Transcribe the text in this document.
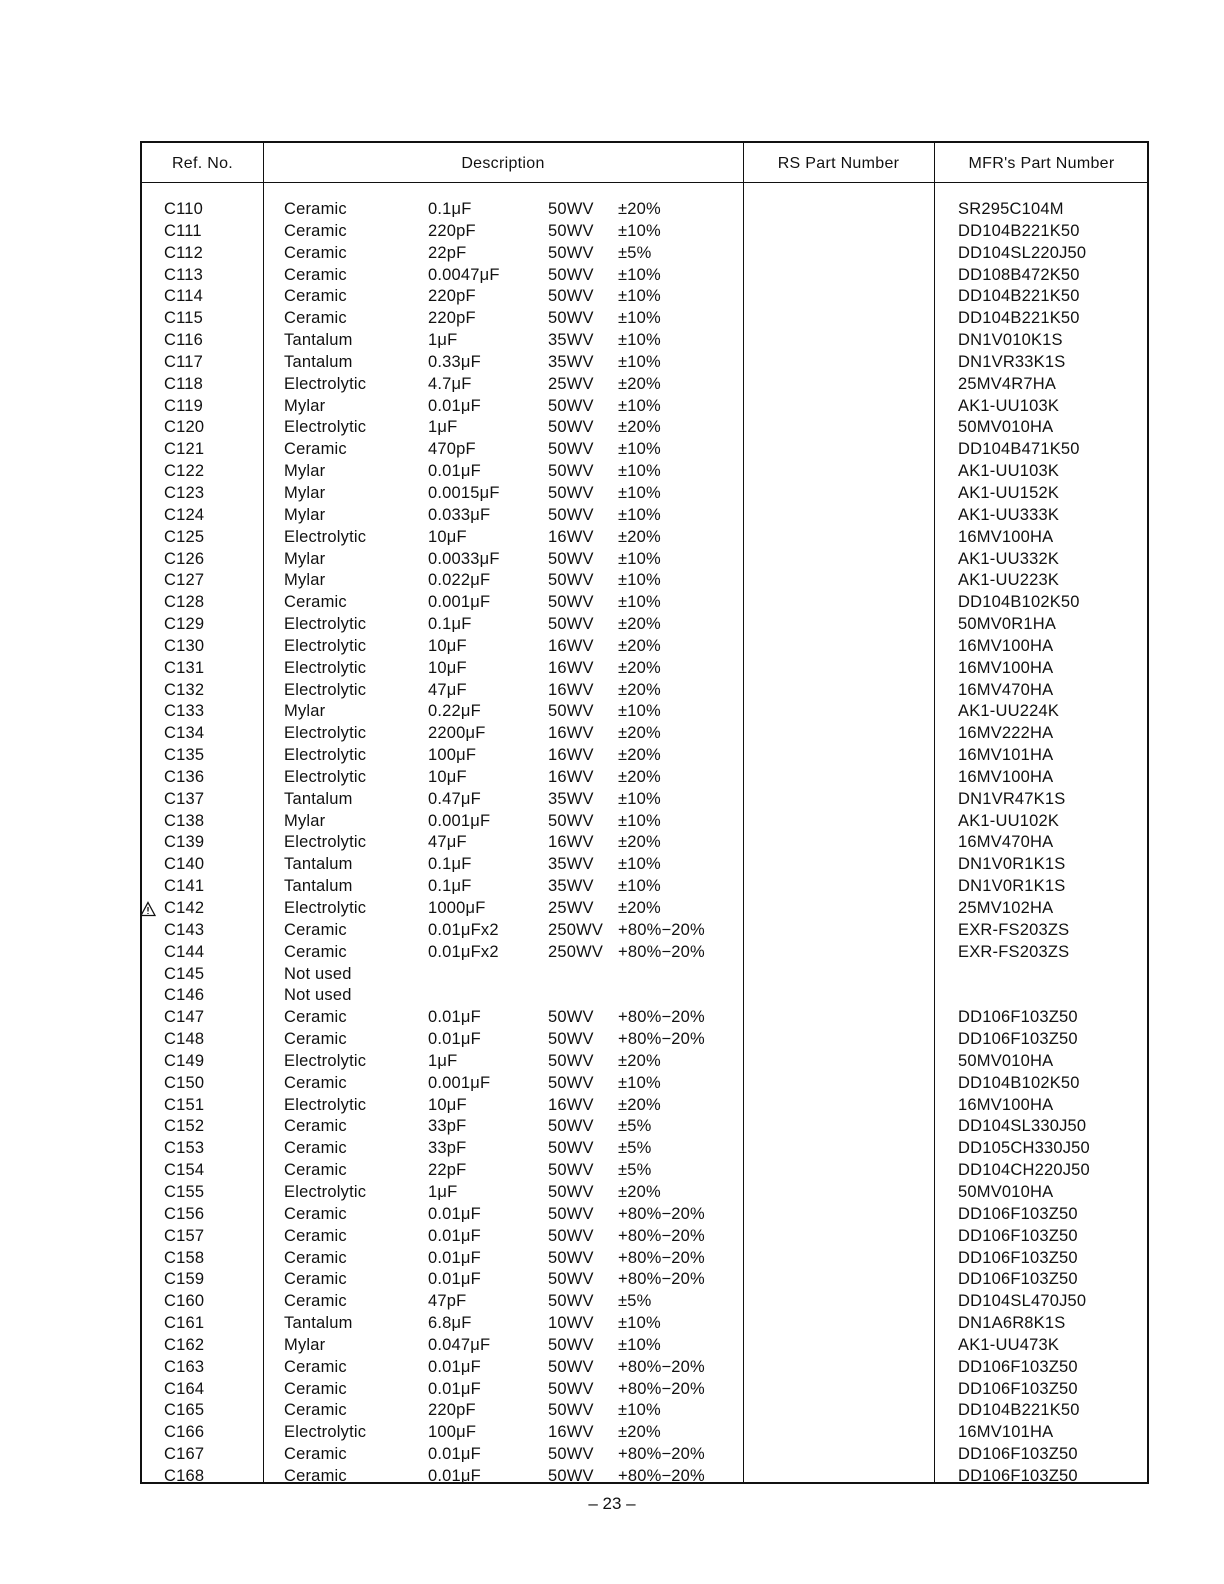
Ref. No.	Description	RS Part Number	MFR's Part Number
C110	Ceramic	0.1μF	50WV ±20%	SR295C104M
C111	Ceramic	220pF	50WV ±10%	DD104B221K50
C112	Ceramic	22pF	50WV ±5%	DD104SL220J50
C113	Ceramic	0.0047μF	50WV ±10%	DD108B472K50
C114	Ceramic	220pF	50WV ±10%	DD104B221K50
C115	Ceramic	220pF	50WV ±10%	DD104B221K50
C116	Tantalum	1μF	35WV ±10%	DN1V010K1S
C117	Tantalum	0.33μF	35WV ±10%	DN1VR33K1S
C118	Electrolytic	4.7μF	25WV ±20%	25MV4R7HA
C119	Mylar	0.01μF	50WV ±10%	AK1-UU103K
C120	Electrolytic	1μF	50WV ±20%	50MV010HA
C121	Ceramic	470pF	50WV ±10%	DD104B471K50
C122	Mylar	0.01μF	50WV ±10%	AK1-UU103K
C123	Mylar	0.0015μF	50WV ±10%	AK1-UU152K
C124	Mylar	0.033μF	50WV ±10%	AK1-UU333K
C125	Electrolytic	10μF	16WV ±20%	16MV100HA
C126	Mylar	0.0033μF	50WV ±10%	AK1-UU332K
C127	Mylar	0.022μF	50WV ±10%	AK1-UU223K
C128	Ceramic	0.001μF	50WV ±10%	DD104B102K50
C129	Electrolytic	0.1μF	50WV ±20%	50MV0R1HA
C130	Electrolytic	10μF	16WV ±20%	16MV100HA
C131	Electrolytic	10μF	16WV ±20%	16MV100HA
C132	Electrolytic	47μF	16WV ±20%	16MV470HA
C133	Mylar	0.22μF	50WV ±10%	AK1-UU224K
C134	Electrolytic	2200μF	16WV ±20%	16MV222HA
C135	Electrolytic	100μF	16WV ±20%	16MV101HA
C136	Electrolytic	10μF	16WV ±20%	16MV100HA
C137	Tantalum	0.47μF	35WV ±10%	DN1VR47K1S
C138	Mylar	0.001μF	50WV ±10%	AK1-UU102K
C139	Electrolytic	47μF	16WV ±20%	16MV470HA
C140	Tantalum	0.1μF	35WV ±10%	DN1V0R1K1S
C141	Tantalum	0.1μF	35WV ±10%	DN1V0R1K1S
C142	Electrolytic	1000μF	25WV ±20%	25MV102HA
C143	Ceramic	0.01μFx2	250WV +80%−20%	EXR-FS203ZS
C144	Ceramic	0.01μFx2	250WV +80%−20%	EXR-FS203ZS
C145	Not used
C146	Not used
C147	Ceramic	0.01μF	50WV +80%−20%	DD106F103Z50
C148	Ceramic	0.01μF	50WV +80%−20%	DD106F103Z50
C149	Electrolytic	1μF	50WV ±20%	50MV010HA
C150	Ceramic	0.001μF	50WV ±10%	DD104B102K50
C151	Electrolytic	10μF	16WV ±20%	16MV100HA
C152	Ceramic	33pF	50WV ±5%	DD104SL330J50
C153	Ceramic	33pF	50WV ±5%	DD105CH330J50
C154	Ceramic	22pF	50WV ±5%	DD104CH220J50
C155	Electrolytic	1μF	50WV ±20%	50MV010HA
C156	Ceramic	0.01μF	50WV +80%−20%	DD106F103Z50
C157	Ceramic	0.01μF	50WV +80%−20%	DD106F103Z50
C158	Ceramic	0.01μF	50WV +80%−20%	DD106F103Z50
C159	Ceramic	0.01μF	50WV +80%−20%	DD106F103Z50
C160	Ceramic	47pF	50WV ±5%	DD104SL470J50
C161	Tantalum	6.8μF	10WV ±10%	DN1A6R8K1S
C162	Mylar	0.047μF	50WV ±10%	AK1-UU473K
C163	Ceramic	0.01μF	50WV +80%−20%	DD106F103Z50
C164	Ceramic	0.01μF	50WV +80%−20%	DD106F103Z50
C165	Ceramic	220pF	50WV ±10%	DD104B221K50
C166	Electrolytic	100μF	16WV ±20%	16MV101HA
C167	Ceramic	0.01μF	50WV +80%−20%	DD106F103Z50
C168	Ceramic	0.01μF	50WV +80%−20%	DD106F103Z50
– 23 –
